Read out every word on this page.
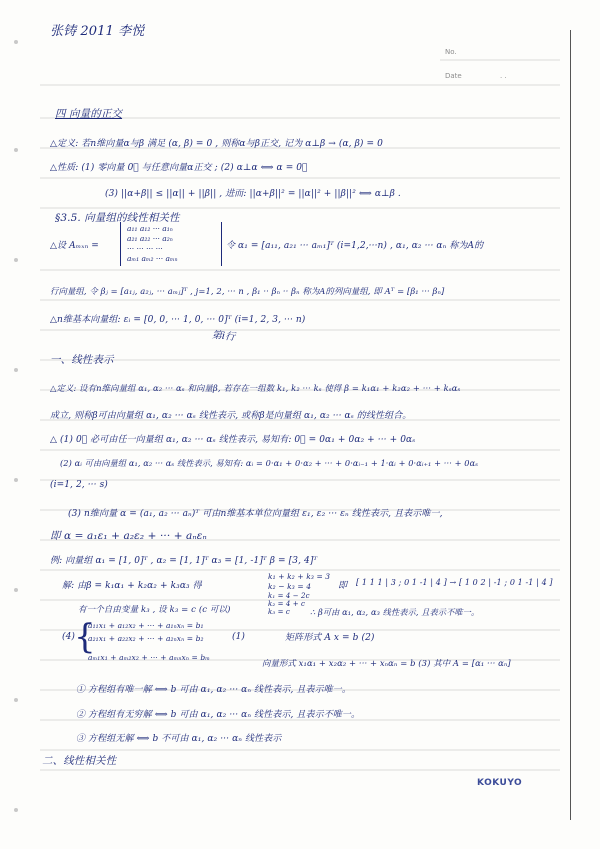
张铸 2011 李悦
No.
Date	. .
四 向量的正交
△定义: 若n维向量α与β 满足 (α, β) = 0 , 则称α与β正交, 记为 α⊥β → (α, β) = 0
△性质: (1) 零向量 0⃗ 与任意向量α正交 ; (2) α⊥α ⟺ α = 0⃗
(3) ||α+β|| ≤ ||α|| + ||β|| , 进而: ||α+β||² = ||α||² + ||β||² ⟺ α⊥β .
§3.5. 向量组的线性相关性
△设 Aₘₓₙ =
a₁₁ a₁₂ ··· a₁ₙ
a₂₁ a₂₂ ··· a₂ₙ
··· ··· ··· ···
aₘ₁ aₘ₂ ··· aₘₙ
令 α₁ = [a₁₁, a₂₁ ··· aₘ₁]ᵀ (i=1,2,···n) , α₁, α₂ ··· αₙ 称为A的
行向量组, 令 βⱼ = [a₁ⱼ, a₂ⱼ, ··· aₘⱼ]ᵀ , j=1, 2, ··· n , β₁ ·· βₙ ·· βₙ 称为A的列向量组, 即 Aᵀ = [β₁ ··· βₙ]
△n维基本向量组: εᵢ = [0, 0, ··· 1, 0, ··· 0]ᵀ (i=1, 2, 3, ··· n)
第i行
一、线性表示
△定义: 设有n维向量组 α₁, α₂ ··· αₛ 和向量β, 若存在一组数 k₁, k₂ ··· kₛ 使得 β = k₁α₁ + k₂α₂ + ··· + kₛαₛ
成立, 则称β可由向量组 α₁, α₂ ··· αₛ 线性表示, 或称β是向量组 α₁, α₂ ··· αₛ 的线性组合。
△ (1) 0⃗ 必可由任一向量组 α₁, α₂ ··· αₛ 线性表示, 易知有: 0⃗ = 0α₁ + 0α₂ + ··· + 0αₛ
(2) αᵢ 可由向量组 α₁, α₂ ··· αₛ 线性表示, 易知有: αᵢ = 0·α₁ + 0·α₂ + ··· + 0·αᵢ₋₁ + 1·αᵢ + 0·αᵢ₊₁ + ··· + 0αₛ
(i=1, 2, ··· s)
(3) n维向量 α = (a₁, a₂ ··· aₙ)ᵀ 可由n维基本单位向量组 ε₁, ε₂ ··· εₙ 线性表示, 且表示唯一,
即 α = a₁ε₁ + a₂ε₂ + ··· + aₙεₙ
例: 向量组 α₁ = [1, 0]ᵀ , α₂ = [1, 1]ᵀ α₃ = [1, -1]ᵀ β = [3, 4]ᵀ
解: 由β = k₁α₁ + k₂α₂ + k₃α₃ 得
k₁ + k₂ + k₃ = 3
k₂ − k₃ = 4
k₁ = 4 − 2c
k₂ = 4 + c
k₃ = c
即 [ 1 1 1 | 3 ; 0 1 -1 | 4 ] → [ 1 0 2 | -1 ; 0 1 -1 | 4 ]
有一个自由变量 k₃ , 设 k₃ = c (c 可以)	∴ β可由 α₁, α₂, α₃ 线性表示, 且表示不唯一。
(4)
{
a₁₁x₁ + a₁₂x₂ + ··· + a₁ₙxₙ = b₁
a₂₁x₁ + a₂₂x₂ + ··· + a₂ₙxₙ = b₂
aₘ₁x₁ + aₘ₂x₂ + ··· + aₘₙxₙ = bₘ
(1)	矩阵形式 A x = b (2)
向量形式 x₁α₁ + x₂α₂ + ··· + xₙαₙ = b (3) 其中 A = [α₁ ··· αₙ]
① 方程组有唯一解 ⟺ b 可由 α₁, α₂ ··· αₙ 线性表示, 且表示唯一。
② 方程组有无穷解 ⟺ b 可由 α₁, α₂ ··· αₙ 线性表示, 且表示不唯一。
③ 方程组无解 ⟺ b 不可由 α₁, α₂ ··· αₙ 线性表示
二、线性相关性
KOKUYO
